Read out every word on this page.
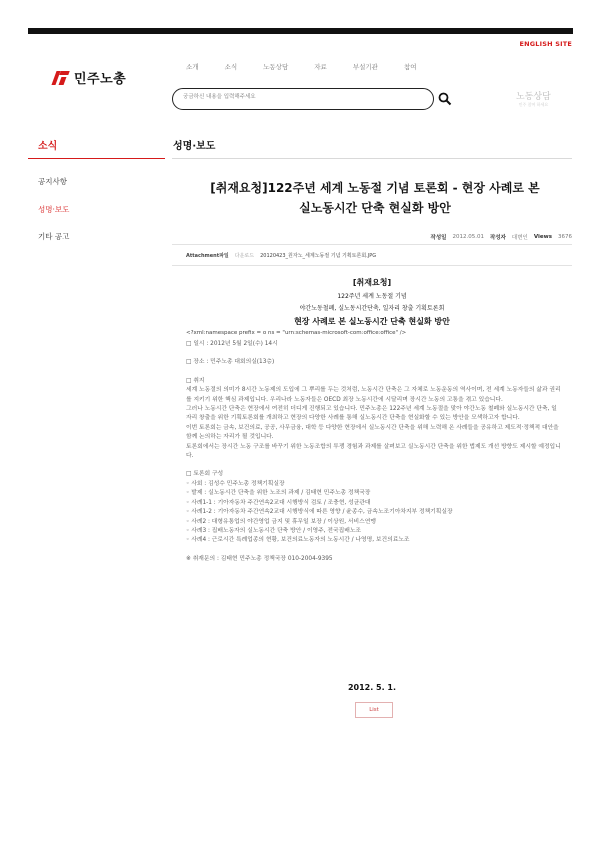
ENGLISH SITE
민주노총
소개	소식	노동상담	자료	부설기관	참여
궁금하신 내용을 입력해주세요
노동상담
민주 참여 하세요
소식
공지사항
성명·보도
기타 공고
성명·보도
[취재요청]122주년 세계 노동절 기념 토론회 - 현장 사례로 본
실노동시간 단축 현실화 방안
작성일 2012.05.01 작성자 대변인 Views 3676
Attachment파일 다운로드 20120423_원자노_세계노동절 기념 기획토론회.JPG
[취재요청]
122주년 세계 노동절 기념
야간노동철폐, 실노동시간단축, 일자리 창출 기획토론회
현장 사례로 본 실노동시간 단축 현실화 방안
<?xml:namespace prefix = o ns = "urn:schemas-microsoft-com:office:office" />

□ 일시 : 2012년 5월 2일(수) 14시

□ 장소 : 민주노총 대회의실(13층)

□ 취지

세계 노동절의 의미가 8시간 노동제의 도입에 그 뿌리를 두는 것처럼, 노동시간 단축은 그 자체로 노동운동의 역사이며, 전 세계 노동자들의 삶과 권리를 지키기 위한 핵심 과제입니다. 우리나라 노동자들은 OECD 최장 노동시간에 시달리며 장시간 노동의 고통을 겪고 있습니다.

그러나 노동시간 단축은 현장에서 여전히 더디게 진행되고 있습니다. 민주노총은 122주년 세계 노동절을 맞아 야간노동 철폐와 실노동시간 단축, 일자리 창출을 위한 기획토론회를 개최하고 현장의 다양한 사례를 통해 실노동시간 단축을 현실화할 수 있는 방안을 모색하고자 합니다.

이번 토론회는 금속, 보건의료, 공공, 사무금융, 대학 등 다양한 현장에서 실노동시간 단축을 위해 노력해 온 사례들을 공유하고 제도적·정책적 대안을 함께 논의하는 자리가 될 것입니다.

토론회에서는 장시간 노동 구조를 바꾸기 위한 노동조합의 투쟁 경험과 과제를 살펴보고 실노동시간 단축을 위한 법제도 개선 방향도 제시할 예정입니다.

□ 토론회 구성

◦ 사회 : 김성수 민주노총 정책기획실장

◦ 발제 : 실노동시간 단축을 위한 노조의 과제 / 김태현 민주노총 정책국장

◦ 사례1-1 : 기아자동차 주간연속2교대 시행방식 검토 / 조충현, 성균관대

◦ 사례1-2 : 기아자동차 주간연속2교대 시행방식에 따른 영향 / 윤종수, 금속노조기아차지부 정책기획실장

◦ 사례2 : 대형유통업의 야간영업 금지 및 휴무일 보장 / 이상원, 서비스연맹

◦ 사례3 : 집배노동자의 실노동시간 단축 방안 / 이영주, 전국집배노조

◦ 사례4 : 근로시간 특례업종의 현황, 보건의료노동자의 노동시간 / 나영명, 보건의료노조

※ 취재문의 : 김태현 민주노총 정책국장 010-2004-9395

2012. 5. 1.
List
